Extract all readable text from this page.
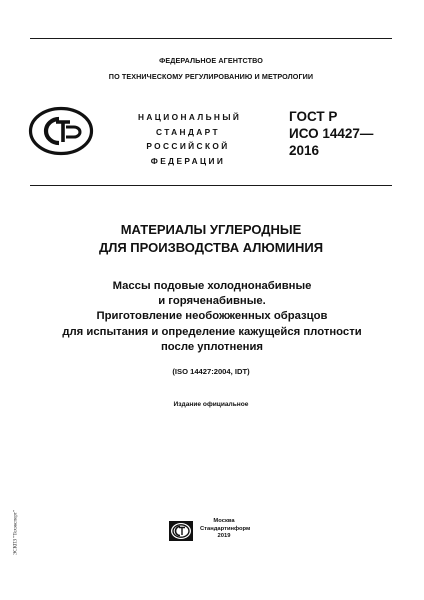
ФЕДЕРАЛЬНОЕ АГЕНТСТВО
ПО ТЕХНИЧЕСКОМУ РЕГУЛИРОВАНИЮ И МЕТРОЛОГИИ
НАЦИОНАЛЬНЫЙ
СТАНДАРТ
РОССИЙСКОЙ
ФЕДЕРАЦИИ
ГОСТ Р
ИСО 14427—
2016
МАТЕРИАЛЫ УГЛЕРОДНЫЕ
ДЛЯ ПРОИЗВОДСТВА АЛЮМИНИЯ
Массы подовые холоднонабивные
и горяченабивные.
Приготовление необожженных образцов
для испытания и определение кажущейся плотности
после уплотнения
(ISO 14427:2004, IDT)
Издание официальное
Москва
Стандартинформ
2019
ЭСКПЗ "Техэксперт"
